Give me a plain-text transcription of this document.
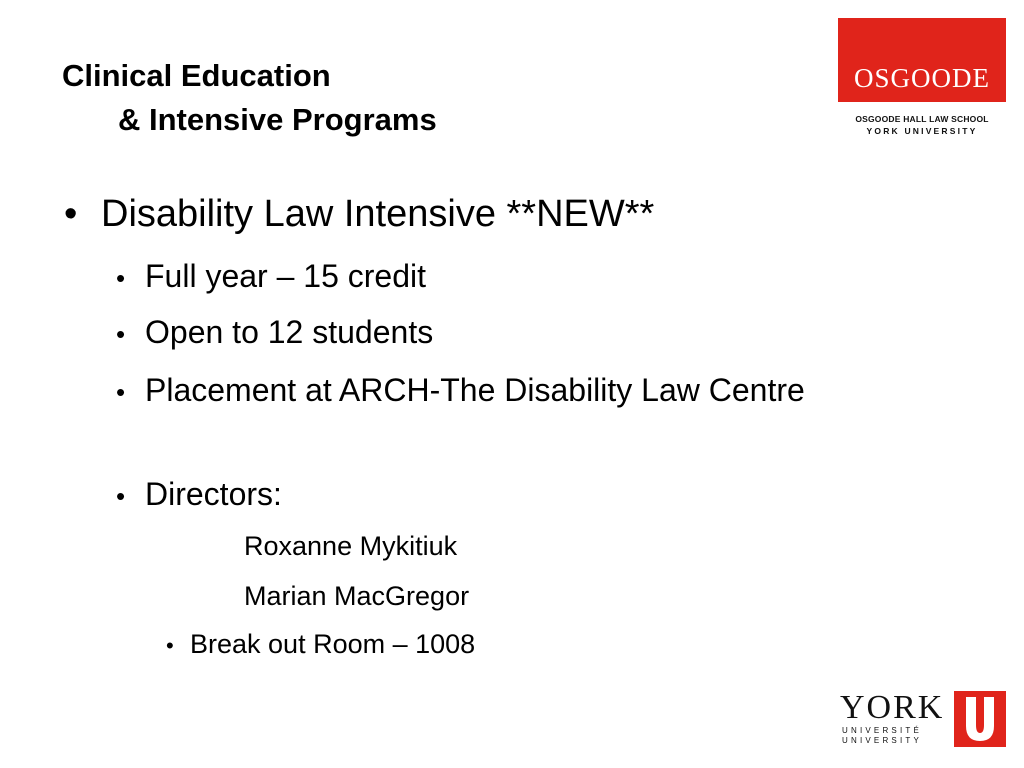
Clinical Education
& Intensive Programs
OSGOODE
OSGOODE HALL LAW SCHOOL
YORK UNIVERSITY

• Disability Law Intensive **NEW**

• Full year – 15 credit

• Open to 12 students

• Placement at ARCH-The Disability Law Centre

• Directors:

Roxanne Mykitiuk

Marian MacGregor

• Break out Room – 1008

YORK
UNIVERSITÉ
UNIVERSITY
